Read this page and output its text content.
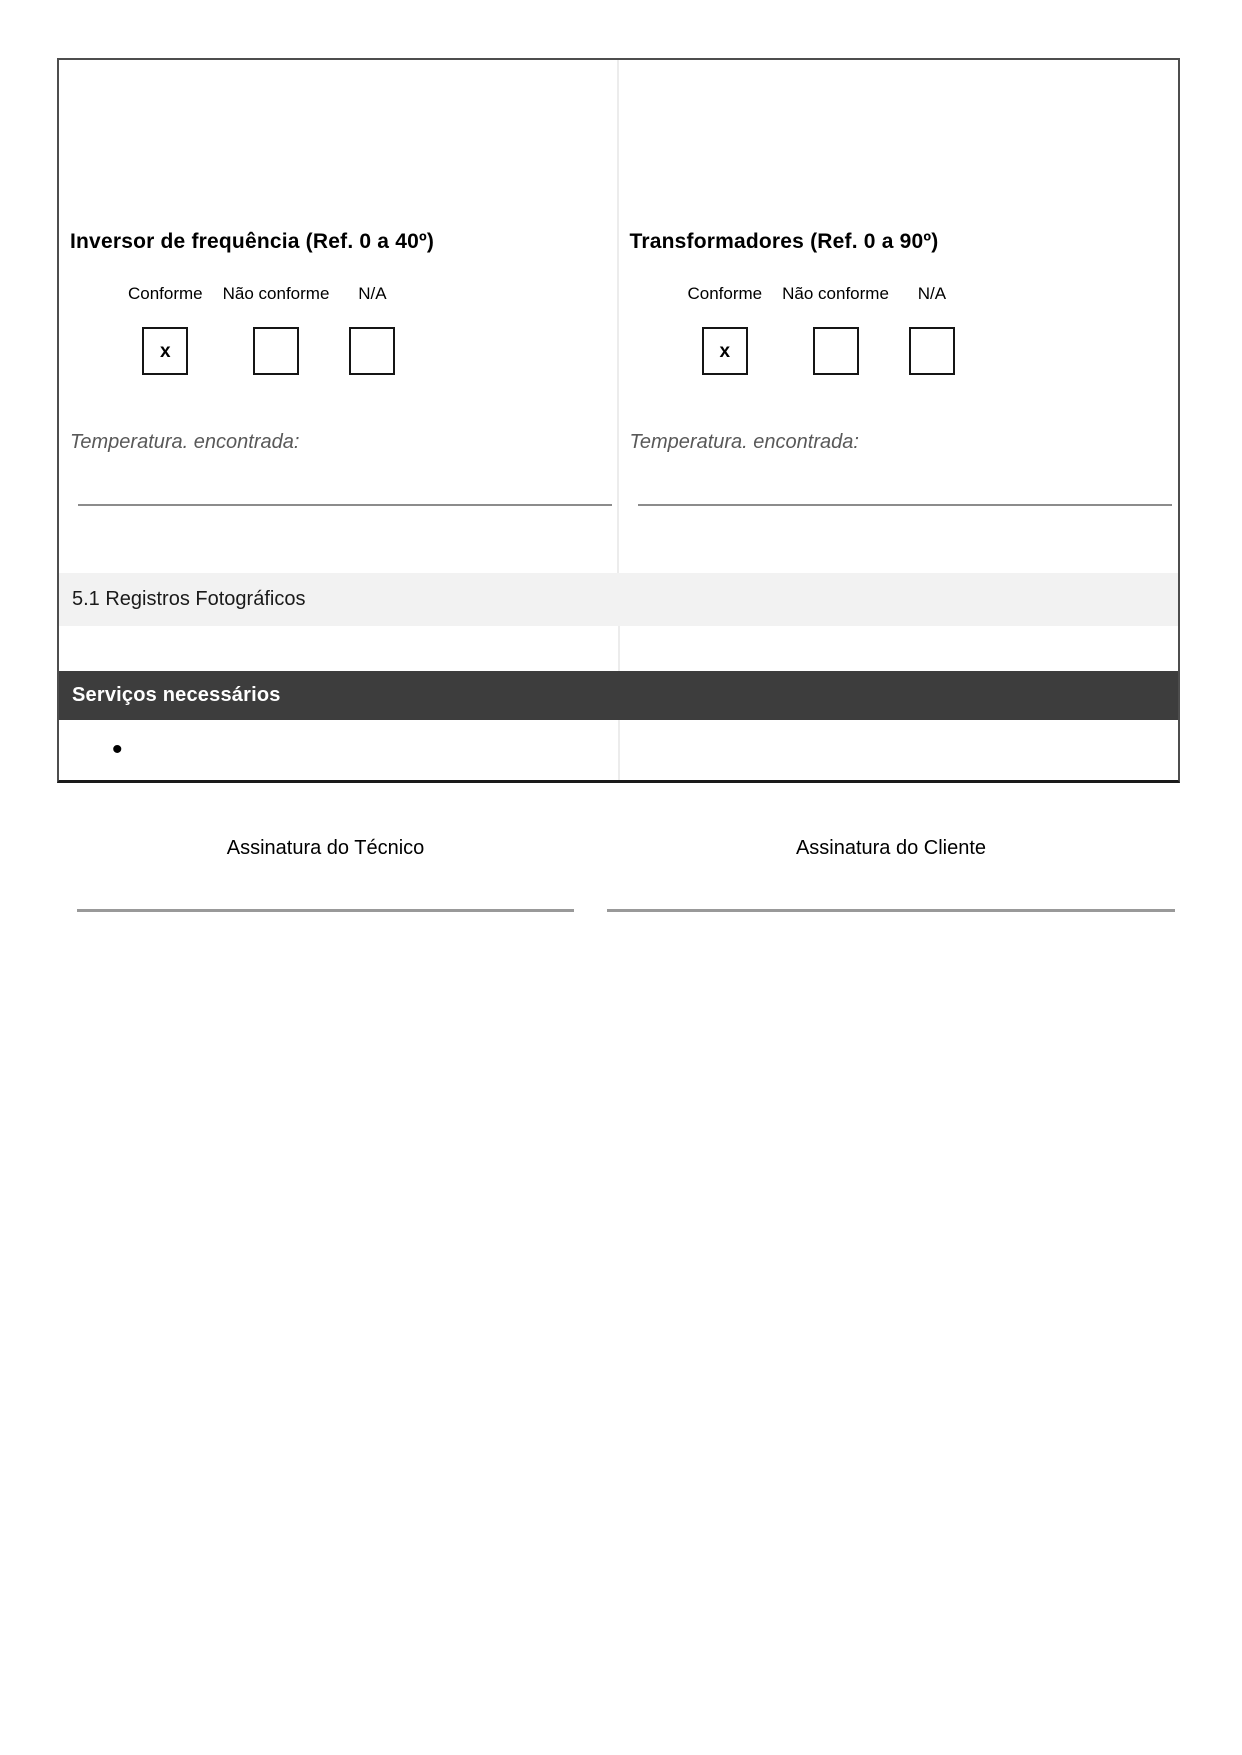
Inversor de frequência (Ref. 0 a 40º)
Conforme
x
Não conforme N/A
Temperatura. encontrada:
Transformadores (Ref. 0 a 90º)
Conforme
x
Não conforme N/A
Temperatura. encontrada:
5.1 Registros Fotográficos
Serviços necessários
•
Assinatura do Técnico	Assinatura do Cliente
